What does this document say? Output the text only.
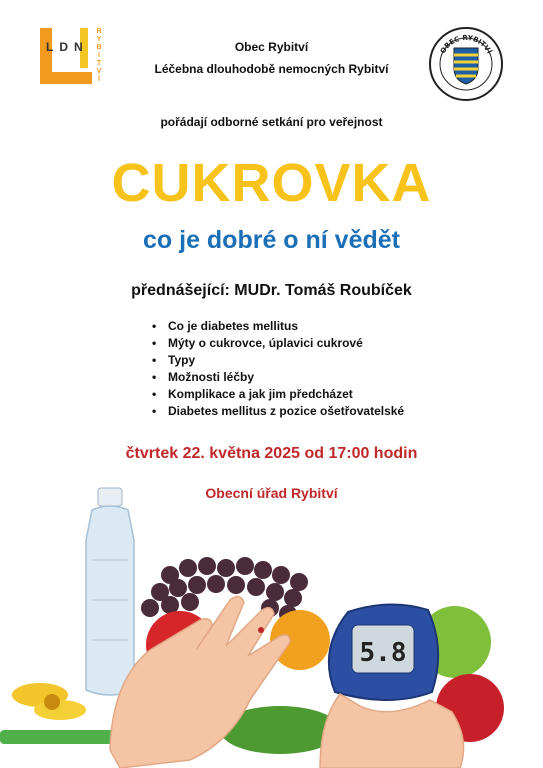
LDN
R
Y
B
I
T
V
Í
OBEC RYBITVÍ
Obec Rybitví
Léčebna dlouhodobě nemocných Rybitví
pořádají odborné setkání pro veřejnost
CUKROVKA
co je dobré o ní vědět
přednášející: MUDr. Tomáš Roubíček
• Co je diabetes mellitus
• Mýty o cukrovce, úplavici cukrové
• Typy
• Možnosti léčby
• Komplikace a jak jim předcházet
• Diabetes mellitus z pozice ošetřovatelské
čtvrtek 22. května 2025 od 17:00 hodin
Obecní úřad Rybitví
5.8
